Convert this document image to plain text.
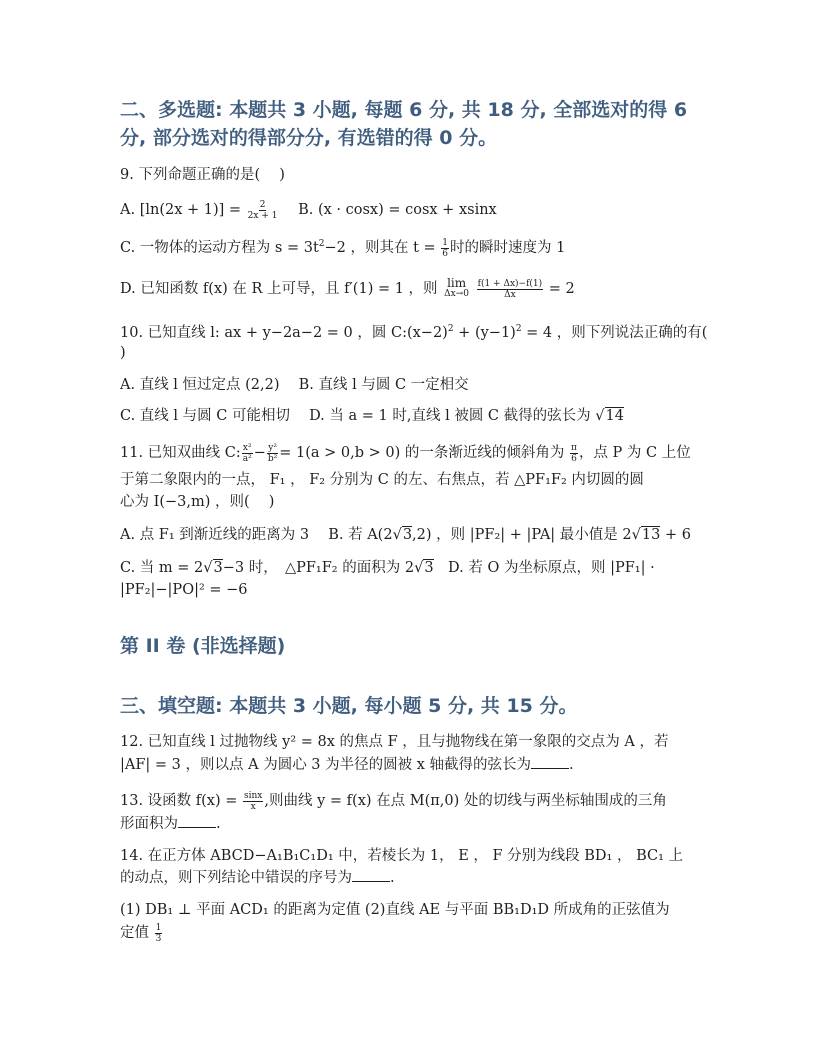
二、多选题: 本题共 3 小题, 每题 6 分, 共 18 分, 全部选对的得 6 分, 部分选对的得部分分, 有选错的得 0 分。
9. 下列命题正确的是(　 )
A. $[\ln(2x + 1)] = \frac{2}{2x + 1} B$. (x · cosx) = cosx + xsinx
C. 一物体的运动方程为 $s = 3t^2-2$ ，则其在 $t = \frac{1}{6}$ 时的瞬时速度为 1
D. 已知函数 f(x) 在 R 上可导，且 f′(1) = 1 ，则 lim
Δx→0
$\frac{f(1 + \Delta x)-f(1)}{\Delta x} = 2$
10. 已知直线 l: ax + y−2a−2 = 0 ，圆 $C:(x-2)^2 + (y-1)^2 = 4$ ，则下列说法正确的有(
)
A. 直线 l 恒过定点 (2,2)　 B. 直线 l 与圆 C 一定相交
C. 直线 l 与圆 C 可能相切　 D. 当 a = 1 时,直线 l 被圆 C 截得的弦长为 √14
11. 已知双曲线 C: $\frac{\text{x²}}{\text{a²}} - \frac{\text{y²}}{\text{b²}} = 1(a > 0,b > 0)$ 的一条渐近线的倾斜角为 $\frac{\pi}{6}$ ，点 P 为 C 上位
于第二象限内的一点， F₁ ， F₂ 分别为 C 的左、右焦点，若 △PF₁F₂ 内切圆的圆
心为 I(−3,m) ，则(　 )
A. 点 F₁ 到渐近线的距离为 3　 B. 若 A(2√3,2) ，则 |PF₂| + |PA| 最小值是 2√13 + 6
C. 当 m = 2√3−3 时，　△PF₁F₂ 的面积为 2√3　D. 若 O 为坐标原点，则 |PF₁| ·
|PF₂|−|PO|² = −6
第 II 卷 (非选择题)
三、填空题: 本题共 3 小题, 每小题 5 分, 共 15 分。
12. 已知直线 l 过抛物线 y² = 8x 的焦点 F ，且与抛物线在第一象限的交点为 A ，若
|AF| = 3 ，则以点 A 为圆心 3 为半径的圆被 x 轴截得的弦长为	.
13. 设函数 $f(x) = \frac{\sin x}{x}$ ,则曲线 y = f(x) 在点 M(π,0) 处的切线与两坐标轴围成的三角
形面积为	.
14. 在正方体 ABCD−A₁B₁C₁D₁ 中，若棱长为 1， E ， F 分别为线段 BD₁ ， BC₁ 上
的动点，则下列结论中错误的序号为	.
(1) DB₁ ⊥ 平面 ACD₁ 的距离为定值 (2)直线 AE 与平面 BB₁D₁D 所成角的正弦值为
定值 $\frac{1}{3}$
